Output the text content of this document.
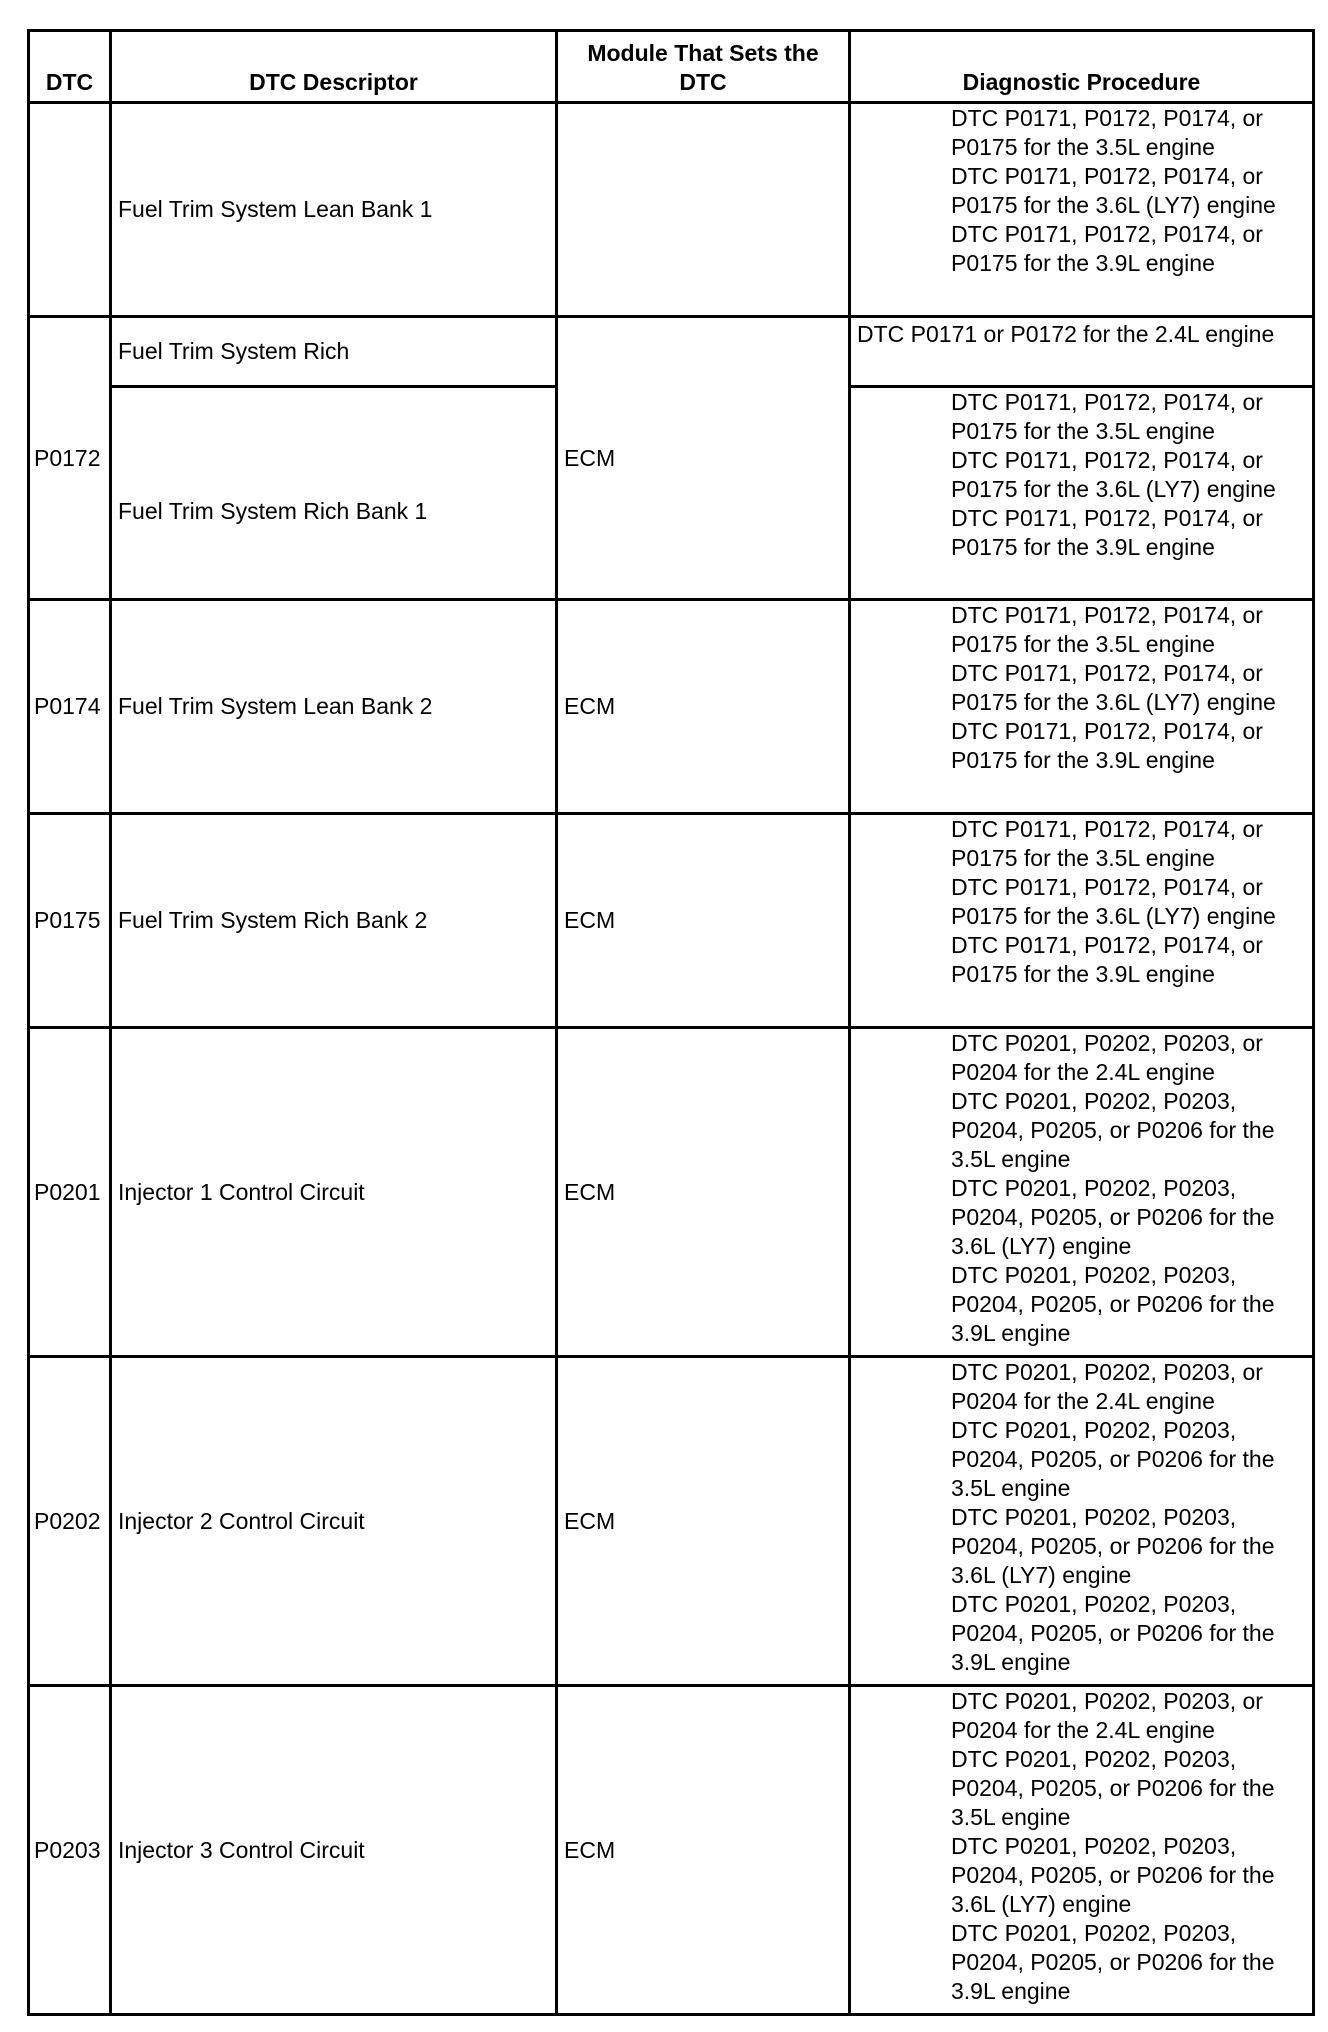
DTC	DTC Descriptor	Module That Sets the DTC	Diagnostic Procedure
	Fuel Trim System Lean Bank 1		DTC P0171, P0172, P0174, or P0175 for the 3.5L engine
DTC P0171, P0172, P0174, or P0175 for the 3.6L (LY7) engine
DTC P0171, P0172, P0174, or P0175 for the 3.9L engine

P0172	Fuel Trim System Rich	ECM	DTC P0171 or P0172 for the 2.4L engine

	Fuel Trim System Rich Bank 1		DTC P0171, P0172, P0174, or P0175 for the 3.5L engine
DTC P0171, P0172, P0174, or P0175 for the 3.6L (LY7) engine
DTC P0171, P0172, P0174, or P0175 for the 3.9L engine

P0174	Fuel Trim System Lean Bank 2	ECM	DTC P0171, P0172, P0174, or P0175 for the 3.5L engine
DTC P0171, P0172, P0174, or P0175 for the 3.6L (LY7) engine
DTC P0171, P0172, P0174, or P0175 for the 3.9L engine

P0175	Fuel Trim System Rich Bank 2	ECM	DTC P0171, P0172, P0174, or P0175 for the 3.5L engine
DTC P0171, P0172, P0174, or P0175 for the 3.6L (LY7) engine
DTC P0171, P0172, P0174, or P0175 for the 3.9L engine

P0201	Injector 1 Control Circuit	ECM	DTC P0201, P0202, P0203, or P0204 for the 2.4L engine
DTC P0201, P0202, P0203, P0204, P0205, or P0206 for the 3.5L engine
DTC P0201, P0202, P0203, P0204, P0205, or P0206 for the 3.6L (LY7) engine
DTC P0201, P0202, P0203, P0204, P0205, or P0206 for the 3.9L engine

P0202	Injector 2 Control Circuit	ECM	DTC P0201, P0202, P0203, or P0204 for the 2.4L engine
DTC P0201, P0202, P0203, P0204, P0205, or P0206 for the 3.5L engine
DTC P0201, P0202, P0203, P0204, P0205, or P0206 for the 3.6L (LY7) engine
DTC P0201, P0202, P0203, P0204, P0205, or P0206 for the 3.9L engine

P0203	Injector 3 Control Circuit	ECM	DTC P0201, P0202, P0203, or P0204 for the 2.4L engine
DTC P0201, P0202, P0203, P0204, P0205, or P0206 for the 3.5L engine
DTC P0201, P0202, P0203, P0204, P0205, or P0206 for the 3.6L (LY7) engine
DTC P0201, P0202, P0203, P0204, P0205, or P0206 for the 3.9L engine
